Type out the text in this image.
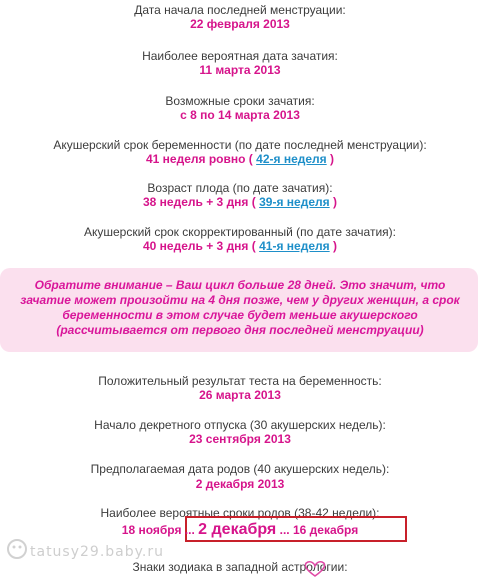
Дата начала последней менструации:
22 февраля 2013
Наиболее вероятная дата зачатия:
11 марта 2013
Возможные сроки зачатия:
с 8 по 14 марта 2013
Акушерский срок беременности (по дате последней менструации):
41 неделя ровно ( 42-я неделя )
Возраст плода (по дате зачатия):
38 недель + 3 дня ( 39-я неделя )
Акушерский срок скорректированный (по дате зачатия):
40 недель + 3 дня ( 41-я неделя )
Обратите внимание – Ваш цикл больше 28 дней. Это значит, что
зачатие может произойти на 4 дня позже, чем у других женщин, а срок
беременности в этом случае будет меньше акушерского
(рассчитывается от первого дня последней менструации)
Положительный результат теста на беременность:
26 марта 2013
Начало декретного отпуска (30 акушерских недель):
23 сентября 2013
Предполагаемая дата родов (40 акушерских недель):
2 декабря 2013
Наиболее вероятные сроки родов (38-42 недели):
18 ноября ... 2 декабря ... 16 декабря
Знаки зодиака в западной астрологии:
tatusy29.baby.ru
